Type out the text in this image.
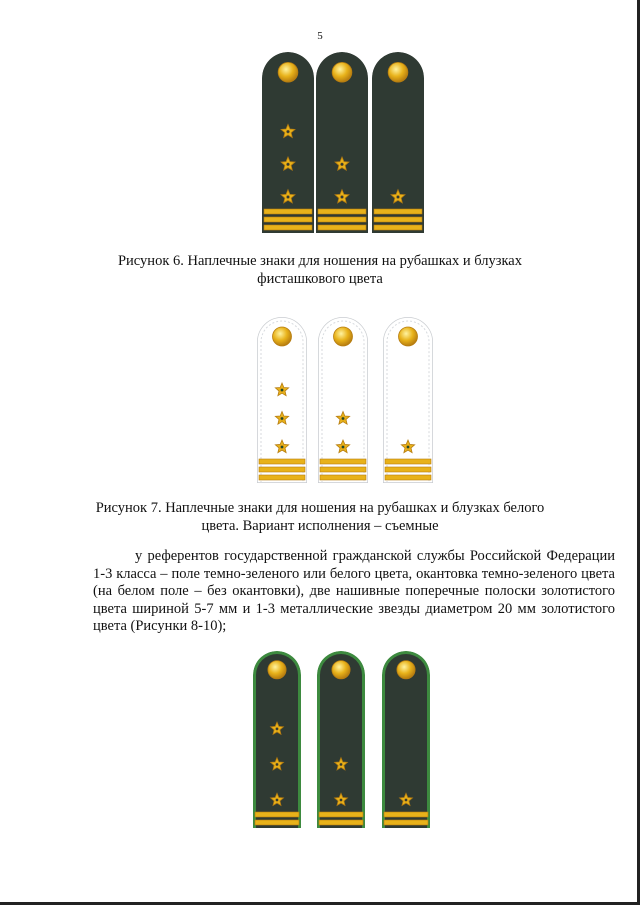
5
Рисунок 6. Наплечные знаки для ношения на рубашках и блузках
фисташкового цвета
Рисунок 7. Наплечные знаки для ношения на рубашках и блузках белого
цвета. Вариант исполнения – съемные
у референтов государственной гражданской службы Российской Федерации 1-3 класса – поле темно-зеленого или белого цвета, окантовка темно-зеленого цвета (на белом поле – без окантовки), две нашивные поперечные полоски золотистого цвета шириной 5-7 мм и 1-3 металлические звезды диаметром 20 мм золотистого цвета (Рисунки 8-10);
